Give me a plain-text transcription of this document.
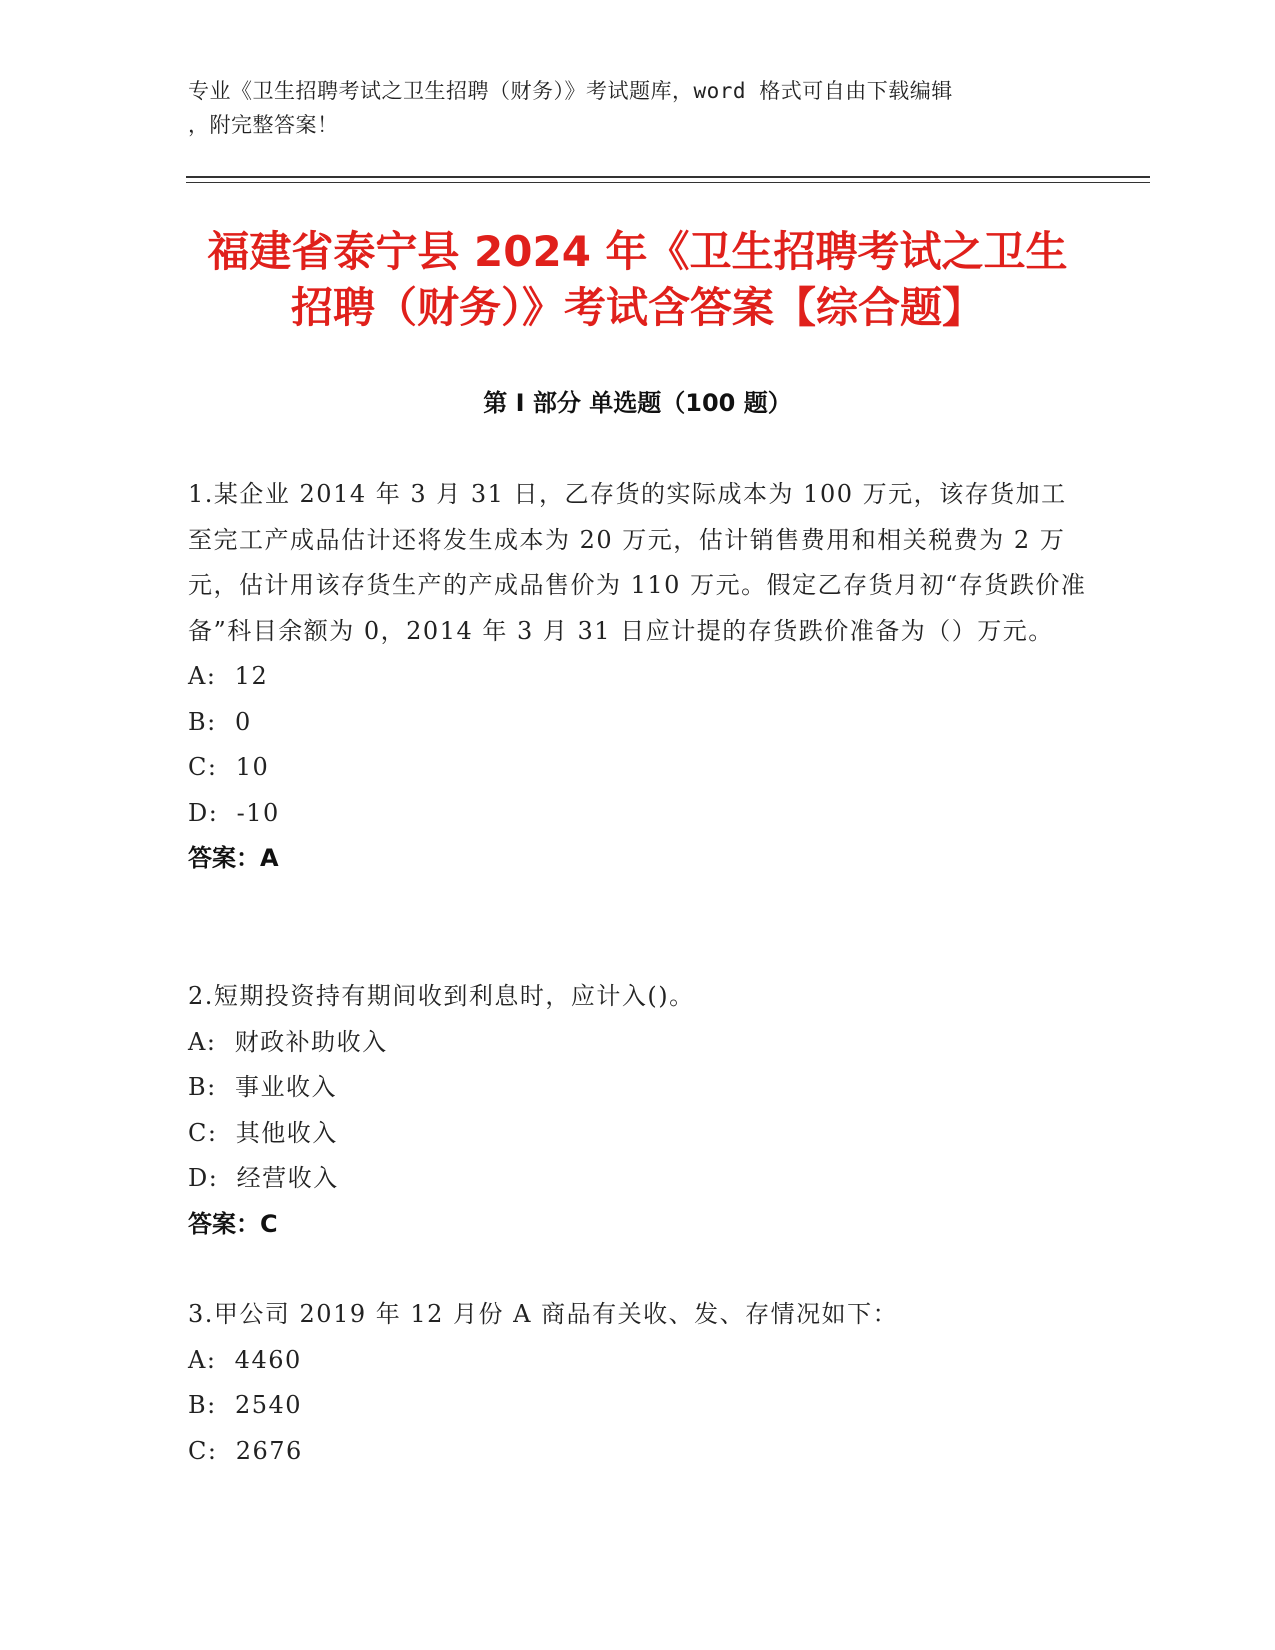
专业《卫生招聘考试之卫生招聘（财务）》考试题库，word 格式可自由下载编辑
，附完整答案！
福建省泰宁县 2024 年《卫生招聘考试之卫生
招聘（财务）》考试含答案【综合题】
第 I 部分 单选题（100 题）

1.某企业 2014 年 3 月 31 日，乙存货的实际成本为 100 万元，该存货加工至完工产成品估计还将发生成本为 20 万元，估计销售费用和相关税费为 2 万元，估计用该存货生产的产成品售价为 110 万元。假定乙存货月初“存货跌价准备”科目余额为 0，2014 年 3 月 31 日应计提的存货跌价准备为（）万元。

A:  12

B:  0

C:  10

D:  -10

答案：A

2.短期投资持有期间收到利息时，应计入()。

A:  财政补助收入

B:  事业收入

C:  其他收入

D:  经营收入

答案：C

3.甲公司 2019 年 12 月份 A 商品有关收、发、存情况如下：

A:  4460

B:  2540

C:  2676
